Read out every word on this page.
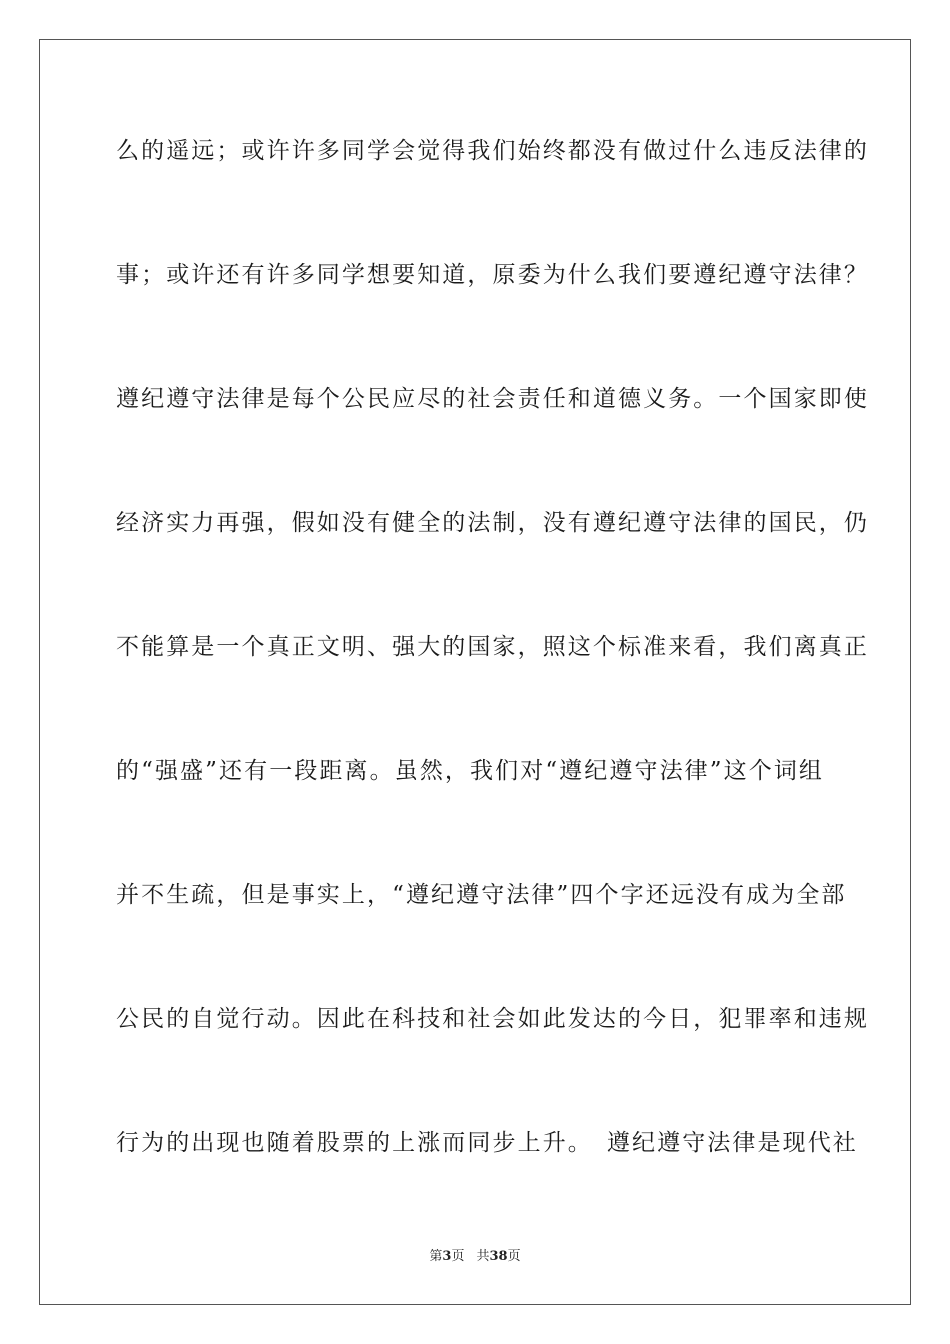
么的遥远；或许许多同学会觉得我们始终都没有做过什么违反法律的
事；或许还有许多同学想要知道，原委为什么我们要遵纪遵守法律？
遵纪遵守法律是每个公民应尽的社会责任和道德义务。一个国家即使
经济实力再强，假如没有健全的法制，没有遵纪遵守法律的国民，仍
不能算是一个真正文明、强大的国家，照这个标准来看，我们离真正
的“强盛”还有一段距离。虽然，我们对“遵纪遵守法律”这个词组
并不生疏，但是事实上，“遵纪遵守法律”四个字还远没有成为全部
公民的自觉行动。因此在科技和社会如此发达的今日，犯罪率和违规
行为的出现也随着股票的上涨而同步上升。 遵纪遵守法律是现代社
第3页 共38页
